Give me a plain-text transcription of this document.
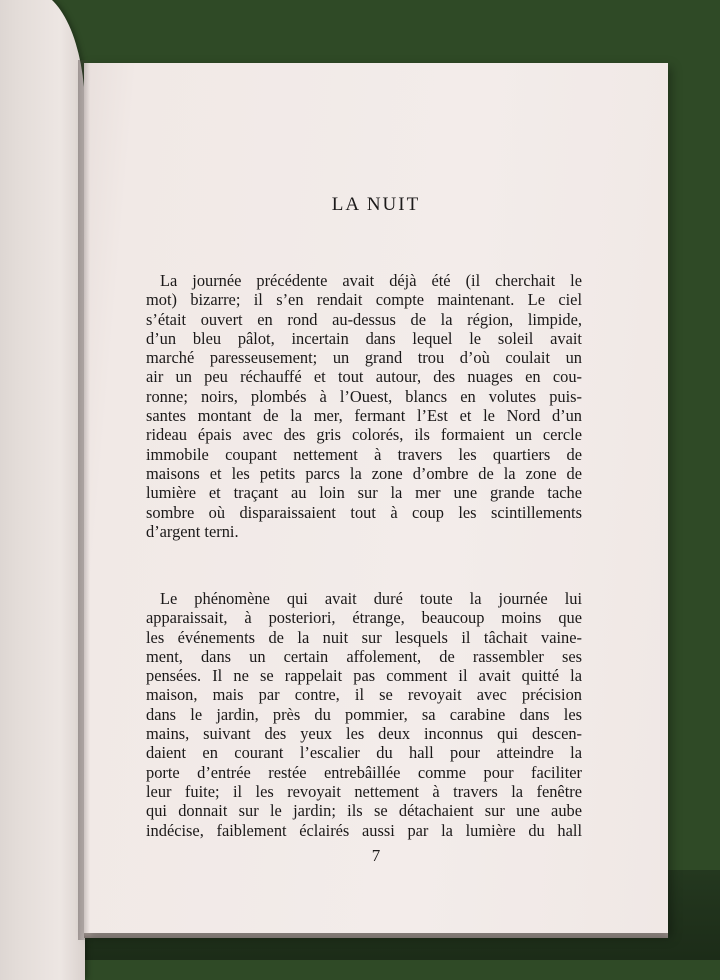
LA NUIT

La journée précédente avait déjà été (il cherchait le
mot) bizarre; il s’en rendait compte maintenant. Le ciel
s’était ouvert en rond au-dessus de la région, limpide,
d’un bleu pâlot, incertain dans lequel le soleil avait
marché paresseusement; un grand trou d’où coulait un
air un peu réchauffé et tout autour, des nuages en cou-
ronne; noirs, plombés à l’Ouest, blancs en volutes puis-
santes montant de la mer, fermant l’Est et le Nord d’un
rideau épais avec des gris colorés, ils formaient un cercle
immobile coupant nettement à travers les quartiers de
maisons et les petits parcs la zone d’ombre de la zone de
lumière et traçant au loin sur la mer une grande tache
sombre où disparaissaient tout à coup les scintillements
d’argent terni.

Le phénomène qui avait duré toute la journée lui
apparaissait, à posteriori, étrange, beaucoup moins que
les événements de la nuit sur lesquels il tâchait vaine-
ment, dans un certain affolement, de rassembler ses
pensées. Il ne se rappelait pas comment il avait quitté la
maison, mais par contre, il se revoyait avec précision
dans le jardin, près du pommier, sa carabine dans les
mains, suivant des yeux les deux inconnus qui descen-
daient en courant l’escalier du hall pour atteindre la
porte d’entrée restée entrebâillée comme pour faciliter
leur fuite; il les revoyait nettement à travers la fenêtre
qui donnait sur le jardin; ils se détachaient sur une aube
indécise, faiblement éclairés aussi par la lumière du hall

7
